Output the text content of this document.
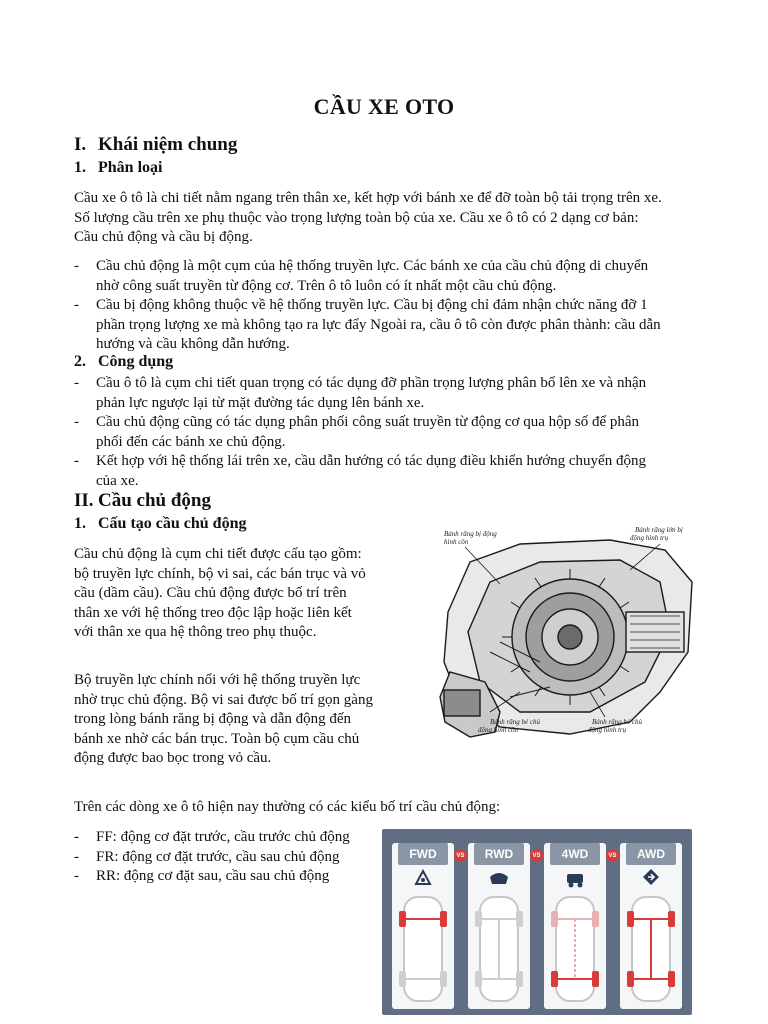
CẦU XE OTO
I. Khái niệm chung
1. Phân loại
Cầu xe ô tô là chi tiết nằm ngang trên thân xe, kết hợp với bánh xe để đỡ toàn bộ tải trọng trên xe. Số lượng cầu trên xe phụ thuộc vào trọng lượng toàn bộ của xe. Cầu xe ô tô có 2 dạng cơ bản: Cầu chủ động và cầu bị động.
- Cầu chủ động là một cụm của hệ thống truyền lực. Các bánh xe của cầu chủ động di chuyển nhờ công suất truyền từ động cơ. Trên ô tô luôn có ít nhất một cầu chủ động.
- Cầu bị động không thuộc về hệ thống truyền lực. Cầu bị động chỉ đảm nhận chức năng đỡ 1 phần trọng lượng xe mà không tạo ra lực đẩy Ngoài ra, cầu ô tô còn được phân thành: cầu dẫn hướng và cầu không dẫn hướng.
2. Công dụng
- Cầu ô tô là cụm chi tiết quan trọng có tác dụng đỡ phần trọng lượng phân bổ lên xe và nhận phản lực ngược lại từ mặt đường tác dụng lên bánh xe.
- Cầu chủ động cũng có tác dụng phân phối công suất truyền từ động cơ qua hộp số để phân phối đến các bánh xe chủ động.
- Kết hợp với hệ thống lái trên xe, cầu dẫn hướng có tác dụng điều khiển hướng chuyển động của xe.
II. Cầu chủ động
1. Cấu tạo cầu chủ động
Cầu chủ động là cụm chi tiết được cấu tạo gồm: bộ truyền lực chính, bộ vi sai, các bán trục và vỏ cầu (dầm cầu). Cầu chủ động được bố trí trên thân xe với hệ thống treo độc lập hoặc liên kết với thân xe qua hệ thông treo phụ thuộc.
Bộ truyền lực chính nối với hệ thống truyền lực nhờ trục chủ động. Bộ vi sai được bố trí gọn gàng trong lòng bánh răng bị động và dẫn động đến bánh xe nhờ các bán trục. Toàn bộ cụm cầu chủ động được bao bọc trong vỏ cầu.
Bánh răng bị động hình côn
Bánh răng lớn bị động hình trụ
Bánh răng bé chủ động hình côn
Bánh răng bé chủ động hình trụ
Trên các dòng xe ô tô hiện nay thường có các kiểu bố trí cầu chủ động:
- FF: động cơ đặt trước, cầu trước chủ động
- FR: động cơ đặt trước, cầu sau chủ động
- RR: động cơ đặt sau, cầu sau chủ động
FWD	RWD	4WD	AWD
VS	VS	VS
